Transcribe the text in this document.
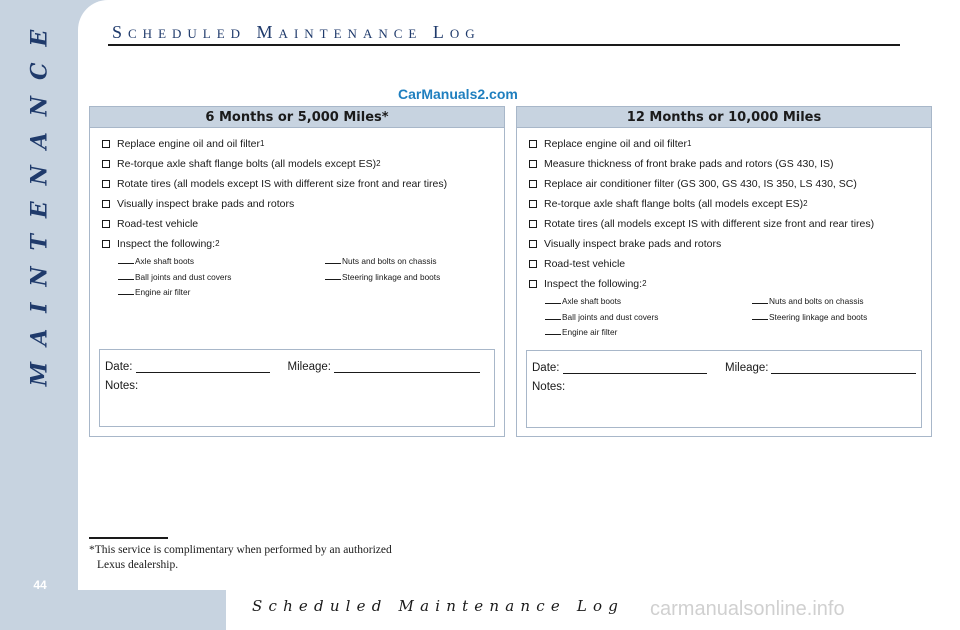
MAINTENANCE
44
Scheduled Maintenance Log
CarManuals2.com
6 Months or 5,000 Miles*
Replace engine oil and oil filter 1
Re-torque axle shaft flange bolts (all models except ES) 2
Rotate tires (all models except IS with different size front and rear tires)
Visually inspect brake pads and rotors
Road-test vehicle
Inspect the following: 2
Axle shaft boots	Nuts and bolts on chassis
Ball joints and dust covers	Steering linkage and boots
Engine air filter
Date:	Mileage:
Notes:
12 Months or 10,000 Miles
Replace engine oil and oil filter 1
Measure thickness of front brake pads and rotors (GS 430, IS)
Replace air conditioner filter (GS 300, GS 430, IS 350, LS 430, SC)
Re-torque axle shaft flange bolts (all models except ES) 2
Rotate tires (all models except IS with different size front and rear tires)
Visually inspect brake pads and rotors
Road-test vehicle
Inspect the following: 2
Axle shaft boots	Nuts and bolts on chassis
Ball joints and dust covers	Steering linkage and boots
Engine air filter
Date:	Mileage:
Notes:
*This service is complimentary when performed by an authorized
Lexus dealership.
Scheduled Maintenance Log carmanualsonline.info
